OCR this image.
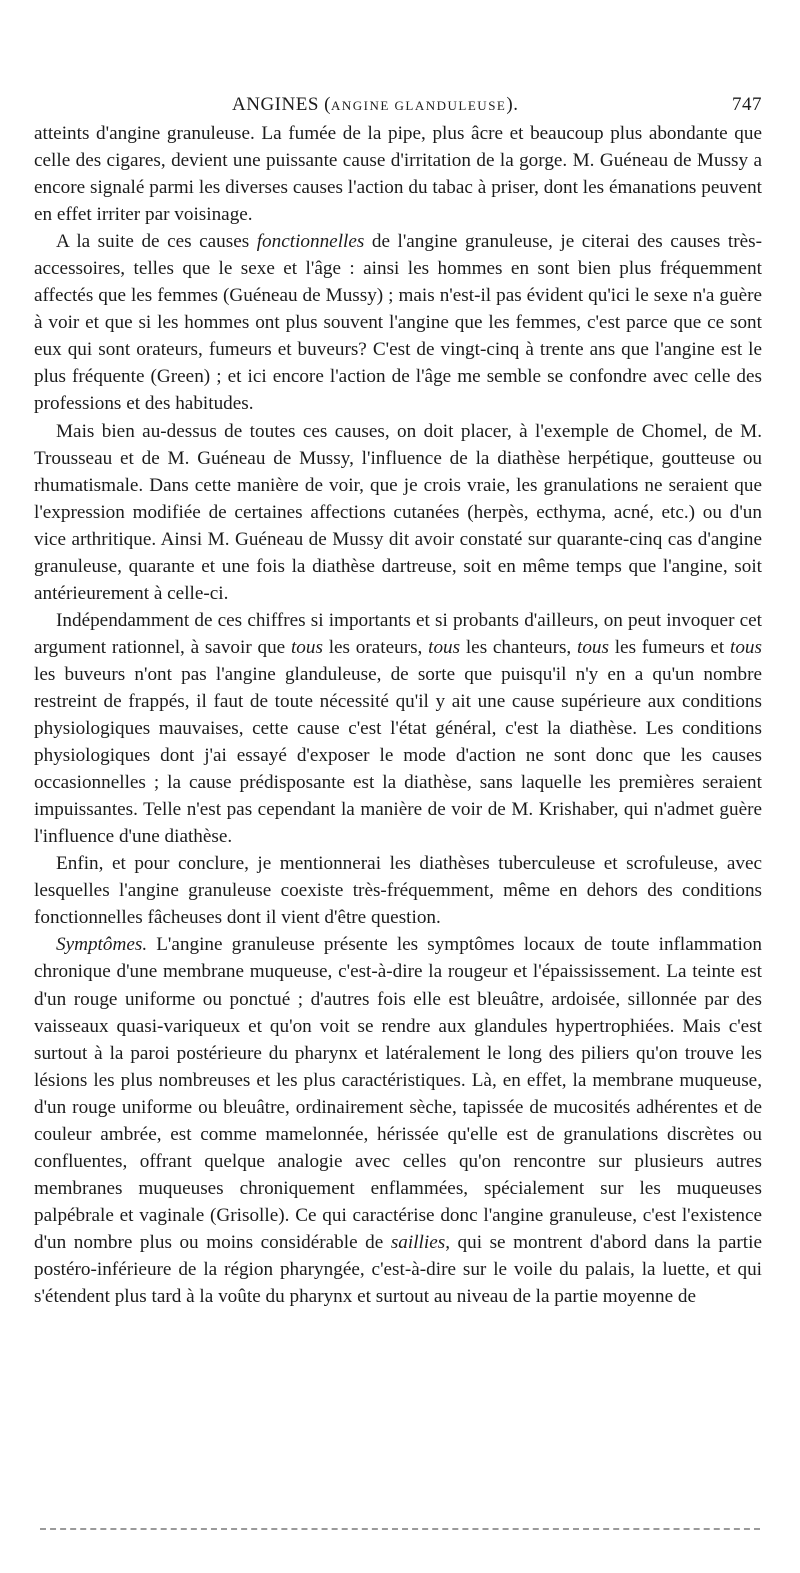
ANGINES (ANGINE GLANDULEUSE).	747

atteints d'angine granuleuse. La fumée de la pipe, plus âcre et beaucoup plus abondante que celle des cigares, devient une puissante cause d'irritation de la gorge. M. Guéneau de Mussy a encore signalé parmi les diverses causes l'action du tabac à priser, dont les émanations peuvent en effet irriter par voisinage.

A la suite de ces causes fonctionnelles de l'angine granuleuse, je citerai des causes très-accessoires, telles que le sexe et l'âge : ainsi les hommes en sont bien plus fréquemment affectés que les femmes (Guéneau de Mussy) ; mais n'est-il pas évident qu'ici le sexe n'a guère à voir et que si les hommes ont plus souvent l'angine que les femmes, c'est parce que ce sont eux qui sont orateurs, fumeurs et buveurs? C'est de vingt-cinq à trente ans que l'angine est le plus fréquente (Green) ; et ici encore l'action de l'âge me semble se confondre avec celle des professions et des habitudes.

Mais bien au-dessus de toutes ces causes, on doit placer, à l'exemple de Chomel, de M. Trousseau et de M. Guéneau de Mussy, l'influence de la diathèse herpétique, goutteuse ou rhumatismale. Dans cette manière de voir, que je crois vraie, les granulations ne seraient que l'expression modifiée de certaines affections cutanées (herpès, ecthyma, acné, etc.) ou d'un vice arthritique. Ainsi M. Guéneau de Mussy dit avoir constaté sur quarante-cinq cas d'angine granuleuse, quarante et une fois la diathèse dartreuse, soit en même temps que l'angine, soit antérieurement à celle-ci.

Indépendamment de ces chiffres si importants et si probants d'ailleurs, on peut invoquer cet argument rationnel, à savoir que tous les orateurs, tous les chanteurs, tous les fumeurs et tous les buveurs n'ont pas l'angine glanduleuse, de sorte que puisqu'il n'y en a qu'un nombre restreint de frappés, il faut de toute nécessité qu'il y ait une cause supérieure aux conditions physiologiques mauvaises, cette cause c'est l'état général, c'est la diathèse. Les conditions physiologiques dont j'ai essayé d'exposer le mode d'action ne sont donc que les causes occasionnelles ; la cause prédisposante est la diathèse, sans laquelle les premières seraient impuissantes. Telle n'est pas cependant la manière de voir de M. Krishaber, qui n'admet guère l'influence d'une diathèse.

Enfin, et pour conclure, je mentionnerai les diathèses tuberculeuse et scrofuleuse, avec lesquelles l'angine granuleuse coexiste très-fréquemment, même en dehors des conditions fonctionnelles fâcheuses dont il vient d'être question.

Symptômes. L'angine granuleuse présente les symptômes locaux de toute inflammation chronique d'une membrane muqueuse, c'est-à-dire la rougeur et l'épaississement. La teinte est d'un rouge uniforme ou ponctué ; d'autres fois elle est bleuâtre, ardoisée, sillonnée par des vaisseaux quasi-variqueux et qu'on voit se rendre aux glandules hypertrophiées. Mais c'est surtout à la paroi postérieure du pharynx et latéralement le long des piliers qu'on trouve les lésions les plus nombreuses et les plus caractéristiques. Là, en effet, la membrane muqueuse, d'un rouge uniforme ou bleuâtre, ordinairement sèche, tapissée de mucosités adhérentes et de couleur ambrée, est comme mamelonnée, hérissée qu'elle est de granulations discrètes ou confluentes, offrant quelque analogie avec celles qu'on rencontre sur plusieurs autres membranes muqueuses chroniquement enflammées, spécialement sur les muqueuses palpébrale et vaginale (Grisolle). Ce qui caractérise donc l'angine granuleuse, c'est l'existence d'un nombre plus ou moins considérable de saillies, qui se montrent d'abord dans la partie postéro-inférieure de la région pharyngée, c'est-à-dire sur le voile du palais, la luette, et qui s'étendent plus tard à la voûte du pharynx et surtout au niveau de la partie moyenne de
